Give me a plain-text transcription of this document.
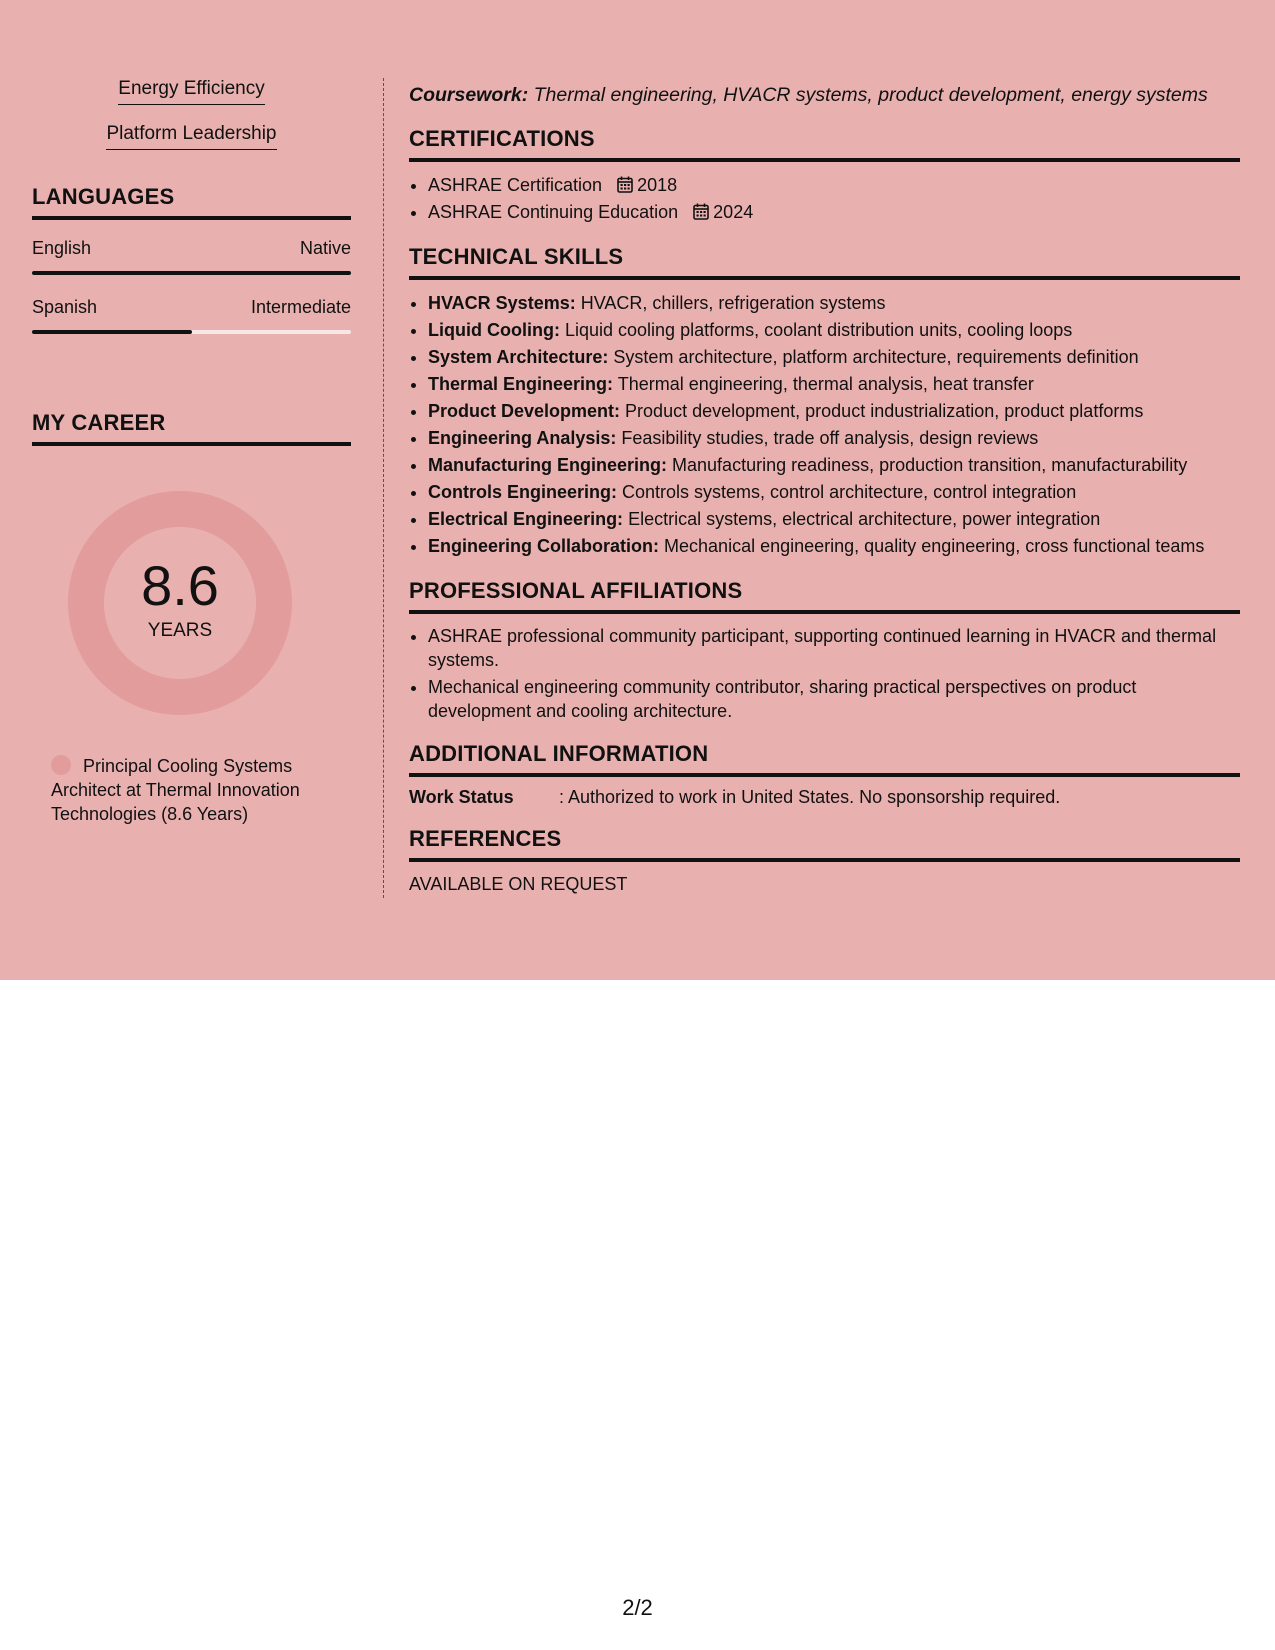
Energy Efficiency
Platform Leadership
LANGUAGES
English	Native
Spanish	Intermediate
MY CAREER
8.6
YEARS
Principal Cooling Systems Architect at Thermal Innovation Technologies (8.6 Years)
Coursework: Thermal engineering, HVACR systems, product development, energy systems
CERTIFICATIONS
• ASHRAE Certification 2018
• ASHRAE Continuing Education 2024
TECHNICAL SKILLS
• HVACR Systems: HVACR, chillers, refrigeration systems
• Liquid Cooling: Liquid cooling platforms, coolant distribution units, cooling loops
• System Architecture: System architecture, platform architecture, requirements definition
• Thermal Engineering: Thermal engineering, thermal analysis, heat transfer
• Product Development: Product development, product industrialization, product platforms
• Engineering Analysis: Feasibility studies, trade off analysis, design reviews
• Manufacturing Engineering: Manufacturing readiness, production transition, manufacturability
• Controls Engineering: Controls systems, control architecture, control integration
• Electrical Engineering: Electrical systems, electrical architecture, power integration
• Engineering Collaboration: Mechanical engineering, quality engineering, cross functional teams
PROFESSIONAL AFFILIATIONS
• ASHRAE professional community participant, supporting continued learning in HVACR and thermal systems.
• Mechanical engineering community contributor, sharing practical perspectives on product development and cooling architecture.
ADDITIONAL INFORMATION
Work Status	: Authorized to work in United States. No sponsorship required.
REFERENCES
AVAILABLE ON REQUEST
2/2
